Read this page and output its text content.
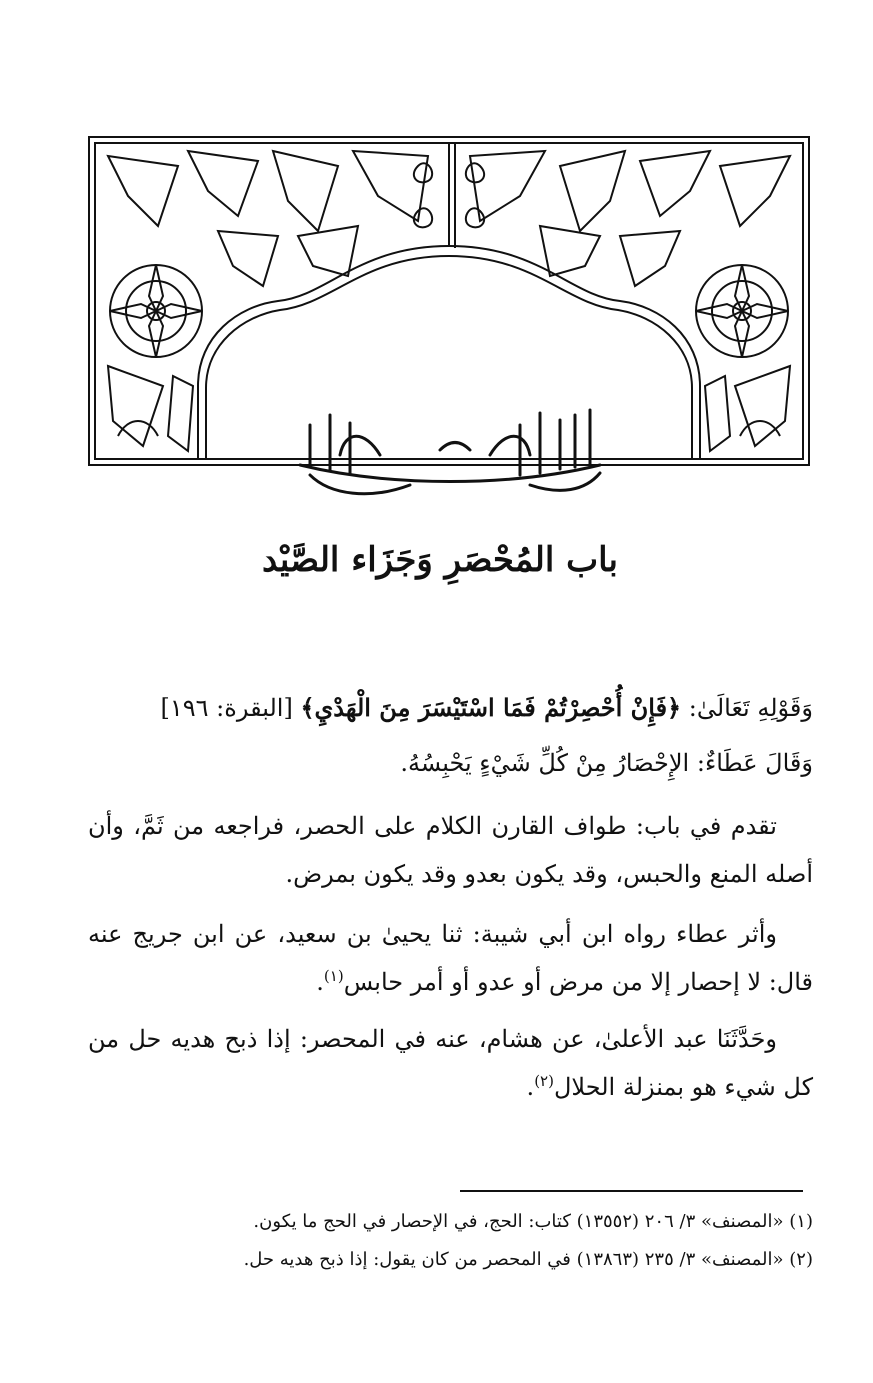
باب المُحْصَرِ وَجَزَاء الصَّيْد
وَقَوْلِهِ تَعَالَىٰ: ﴿فَإِنْ أُحْصِرْتُمْ فَمَا اسْتَيْسَرَ مِنَ الْهَدْيِ﴾ [البقرة: ١٩٦]
وَقَالَ عَطَاءٌ: الإِحْصَارُ مِنْ كُلِّ شَيْءٍ يَحْبِسُهُ.
تقدم في باب: طواف القارن الكلام على الحصر، فراجعه من ثَمَّ، وأن أصله المنع والحبس، وقد يكون بعدو وقد يكون بمرض.
وأثر عطاء رواه ابن أبي شيبة: ثنا يحيىٰ بن سعيد، عن ابن جريج عنه قال: لا إحصار إلا من مرض أو عدو أو أمر حابس$^{(١)}$.
وحَدَّثَنَا عبد الأعلىٰ، عن هشام، عنه في المحصر: إذا ذبح هديه حل من كل شيء هو بمنزلة الحلال$^{(٢)}$.
(١) «المصنف» ٣/ ٢٠٦ (١٣٥٥٢) كتاب: الحج، في الإحصار في الحج ما يكون.
(٢) «المصنف» ٣/ ٢٣٥ (١٣٨٦٣) في المحصر من كان يقول: إذا ذبح هديه حل.
